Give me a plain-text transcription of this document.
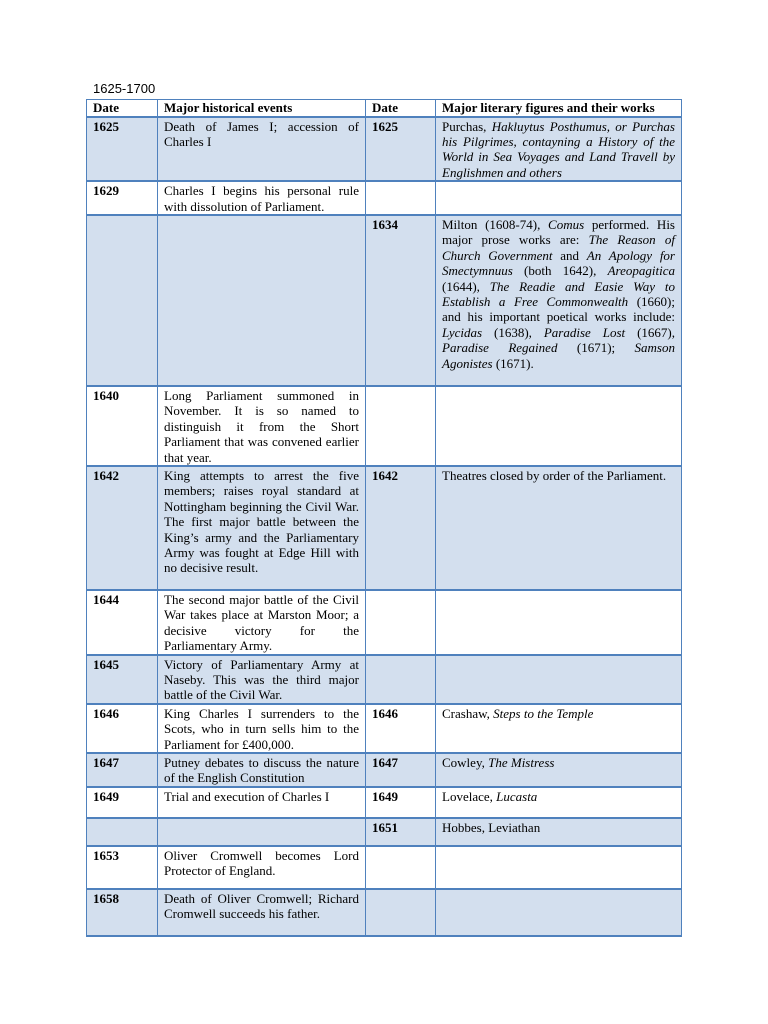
1625-1700
Date	Major historical events	Date	Major literary figures and their works
1625	Death of James I; accession of Charles I	1625	Purchas, Hakluytus Posthumus, or Purchas his Pilgrimes, contayning a History of the World in Sea Voyages and Land Travell by Englishmen and others
1629	Charles I begins his personal rule with dissolution of Parliament.		
		1634	Milton (1608-74), Comus performed. His major prose works are: The Reason of Church Government and An Apology for Smectymnuus (both 1642), Areopagitica (1644), The Readie and Easie Way to Establish a Free Commonwealth (1660); and his important poetical works include: Lycidas (1638), Paradise Lost (1667), Paradise Regained (1671); Samson Agonistes (1671).
1640	Long Parliament summoned in November. It is so named to distinguish it from the Short Parliament that was convened earlier that year.		
1642	King attempts to arrest the five members; raises royal standard at Nottingham beginning the Civil War. The first major battle between the King’s army and the Parliamentary Army was fought at Edge Hill with no decisive result.	1642	Theatres closed by order of the Parliament.
1644	The second major battle of the Civil War takes place at Marston Moor; a decisive victory for the Parliamentary Army.		
1645	Victory of Parliamentary Army at Naseby. This was the third major battle of the Civil War.		
1646	King Charles I surrenders to the Scots, who in turn sells him to the Parliament for £400,000.	1646	Crashaw, Steps to the Temple
1647	Putney debates to discuss the nature of the English Constitution	1647	Cowley, The Mistress
1649	Trial and execution of Charles I	1649	Lovelace, Lucasta
		1651	Hobbes, Leviathan
1653	Oliver Cromwell becomes Lord Protector of England.		
1658	Death of Oliver Cromwell; Richard Cromwell succeeds his father.		
